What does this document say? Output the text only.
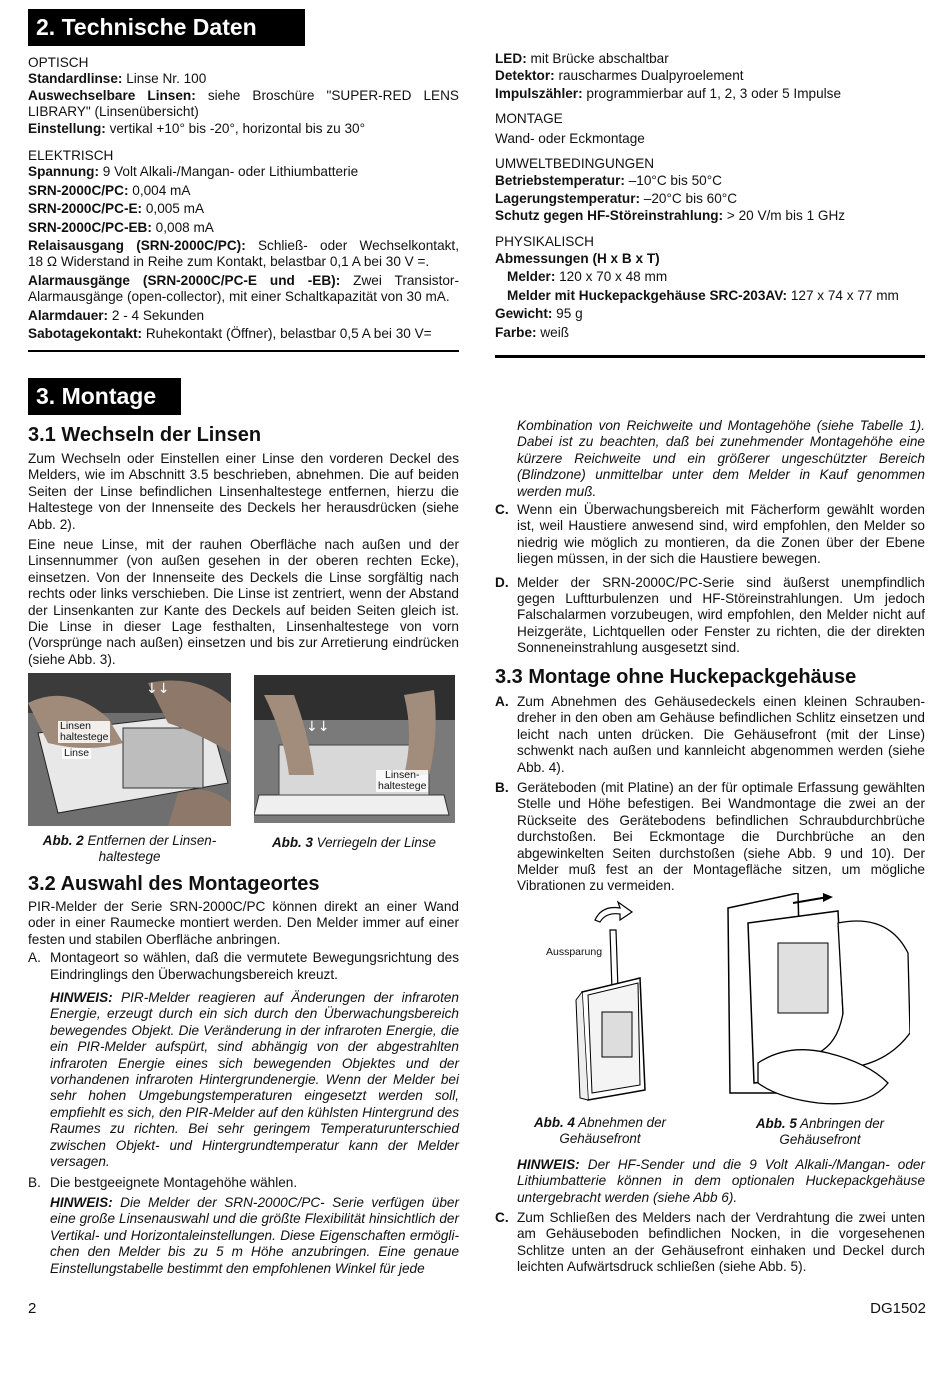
2. Technische Daten

OPTISCH

Standardlinse: Linse Nr. 100

Auswechselbare Linsen: siehe Broschüre "SUPER-RED LENS

LIBRARY" (Linsenübersicht)

Einstellung: vertikal +10° bis -20°, horizontal bis zu 30°

ELEKTRISCH

Spannung: 9 Volt Alkali-/Mangan- oder Lithiumbatterie

SRN-2000C/PC: 0,004 mA

SRN-2000C/PC-E: 0,005 mA

SRN-2000C/PC-EB: 0,008 mA

Relaisausgang (SRN-2000C/PC): Schließ- oder Wechselkontakt,

18 Ω Widerstand in Reihe zum Kontakt, belastbar 0,1 A bei 30 V =.

Alarmausgänge (SRN-2000C/PC-E und -EB): Zwei Transistor-

Alarmausgänge (open-collector), mit einer Schaltkapazität von 30 mA.

Alarmdauer: 2 - 4 Sekunden

Sabotagekontakt: Ruhekontakt (Öffner), belastbar 0,5 A bei 30 V=

LED: mit Brücke abschaltbar

Detektor: rauscharmes Dualpyroelement

Impulszähler: programmierbar auf 1, 2, 3 oder 5 Impulse

MONTAGE

Wand- oder Eckmontage

UMWELTBEDINGUNGEN

Betriebstemperatur: –10°C bis 50°C

Lagerungstemperatur: –20°C bis 60°C

Schutz gegen HF-Störeinstrahlung: > 20 V/m bis 1 GHz

PHYSIKALISCH

Abmessungen (H x B x T)

Melder: 120 x 70 x 48 mm

Melder mit Huckepackgehäuse SRC-203AV: 127 x 74 x 77 mm

Gewicht: 95 g

Farbe: weiß

3. Montage
3.1 Wechseln der Linsen

Zum Wechseln oder Einstellen einer Linse den vorderen Deckel des Melders, wie im Abschnitt 3.5 beschrieben, abnehmen. Die auf beiden Seiten der Linse befindlichen Linsenhaltestege entfernen, hierzu die Haltestege von der Innenseite des Deckels her herausdrücken (siehe Abb. 2).

Eine neue Linse, mit der rauhen Oberfläche nach außen und der Linsennummer (von außen gesehen in der oberen rechten Ecke), einsetzen. Von der Innenseite des Deckels die Linse sorgfältig nach rechts oder links verschieben. Die Linse ist zentriert, wenn der Abstand der Linsenkanten zur Kante des Deckels auf beiden Seiten gleich ist. Die Linse in dieser Lage festhalten, Linsenhaltestege von vorn (Vorsprünge nach außen) einsetzen und bis zur Arretierung eindrücken (siehe Abb. 3).

↓↓
Linsen
haltestege
Linse
Abb. 2 Entfernen der Linsen-
haltestege
↓↓
Linsen-
haltestege
Abb. 3 Verriegeln der Linse
3.2 Auswahl des Montageortes

PIR-Melder der Serie SRN-2000C/PC können direkt an einer Wand oder in einer Raumecke montiert werden. Den Melder immer auf einer festen und stabilen Oberfläche anbringen.

A. Montageort so wählen, daß die vermutete Bewegungsrichtung des Eindringlings den Überwachungsbereich kreuzt.

HINWEIS: PIR-Melder reagieren auf Änderungen der infraroten Energie, erzeugt durch ein sich durch den Überwachungsbereich bewegendes Objekt. Die Veränderung in der infraroten Energie, die ein PIR-Melder aufspürt, sind abhängig von der abgestrahlten infraroten Energie eines sich bewegenden Objektes und der vorhandenen infraroten Hintergrundenergie. Wenn der Melder bei sehr hohen Umgebungstemperaturen eingesetzt werden soll, empfiehlt es sich, den PIR-Melder auf den kühlsten Hintergrund des Raumes zu richten. Bei sehr geringem Temperaturunterschied zwischen Objekt- und Hintergrundtemperatur kann der Melder versagen.

B. Die bestgeeignete Montagehöhe wählen.

HINWEIS: Die Melder der SRN-2000C/PC- Serie verfügen über eine große Linsenauswahl und die größte Flexibilität hinsichtlich der Vertikal- und Horizontaleinstellungen. Diese Eigenschaften ermögli-chen den Melder bis zu 5 m Höhe anzubringen. Eine genaue Einstellungstabelle bestimmt den empfohlenen Winkel für jede

Kombination von Reichweite und Montagehöhe (siehe Tabelle 1). Dabei ist zu beachten, daß bei zunehmender Montagehöhe eine kürzere Reichweite und ein größerer ungeschützter Bereich (Blindzone) unmittelbar unter dem Melder in Kauf genommen werden muß.

C. Wenn ein Überwachungsbereich mit Fächerform gewählt worden ist, weil Haustiere anwesend sind, wird empfohlen, den Melder so niedrig wie möglich zu montieren, da die Zonen über der Ebene liegen müssen, in der sich die Haustiere bewegen.
D. Melder der SRN-2000C/PC-Serie sind äußerst unempfindlich gegen Luftturbulenzen und HF-Störeinstrahlungen. Um jedoch Falschalarmen vorzubeugen, wird empfohlen, den Melder nicht auf Heizgeräte, Lichtquellen oder Fenster zu richten, die der direkten Sonneneinstrahlung ausgesetzt sind.
3.3 Montage ohne Huckepackgehäuse
A. Zum Abnehmen des Gehäusedeckels einen kleinen Schrauben-dreher in den oben am Gehäuse befindlichen Schlitz einsetzen und leicht nach unten drücken. Die Gehäusefront (mit der Linse) schwenkt nach außen und kannleicht abgenommen werden (siehe Abb. 4).
B. Geräteboden (mit Platine) an der für optimale Erfassung gewählten Stelle und Höhe befestigen. Bei Wandmontage die zwei an der Rückseite des Gerätebodens befindlichen Schraubdurchbrüche durchstoßen. Bei Eckmontage die Durchbrüche an den abgewinkelten Seiten durchstoßen (siehe Abb. 9 und 10). Der Melder muß fest an der Montagefläche sitzen, um mögliche Vibrationen zu vermeiden.
Aussparung
Abb. 4 Abnehmen der
Gehäusefront
Abb. 5 Anbringen der
Gehäusefront

HINWEIS: Der HF-Sender und die 9 Volt Alkali-/Mangan- oder Lithiumbatterie können in dem optionalen Huckepackgehäuse untergebracht werden (siehe Abb 6).

C. Zum Schließen des Melders nach der Verdrahtung die zwei unten am Gehäuseboden befindlichen Nocken, in die vorgesehenen Schlitze unten an der Gehäusefront einhaken und Deckel durch leichten Aufwärtsdruck schließen (siehe Abb. 5).
2	DG1502
